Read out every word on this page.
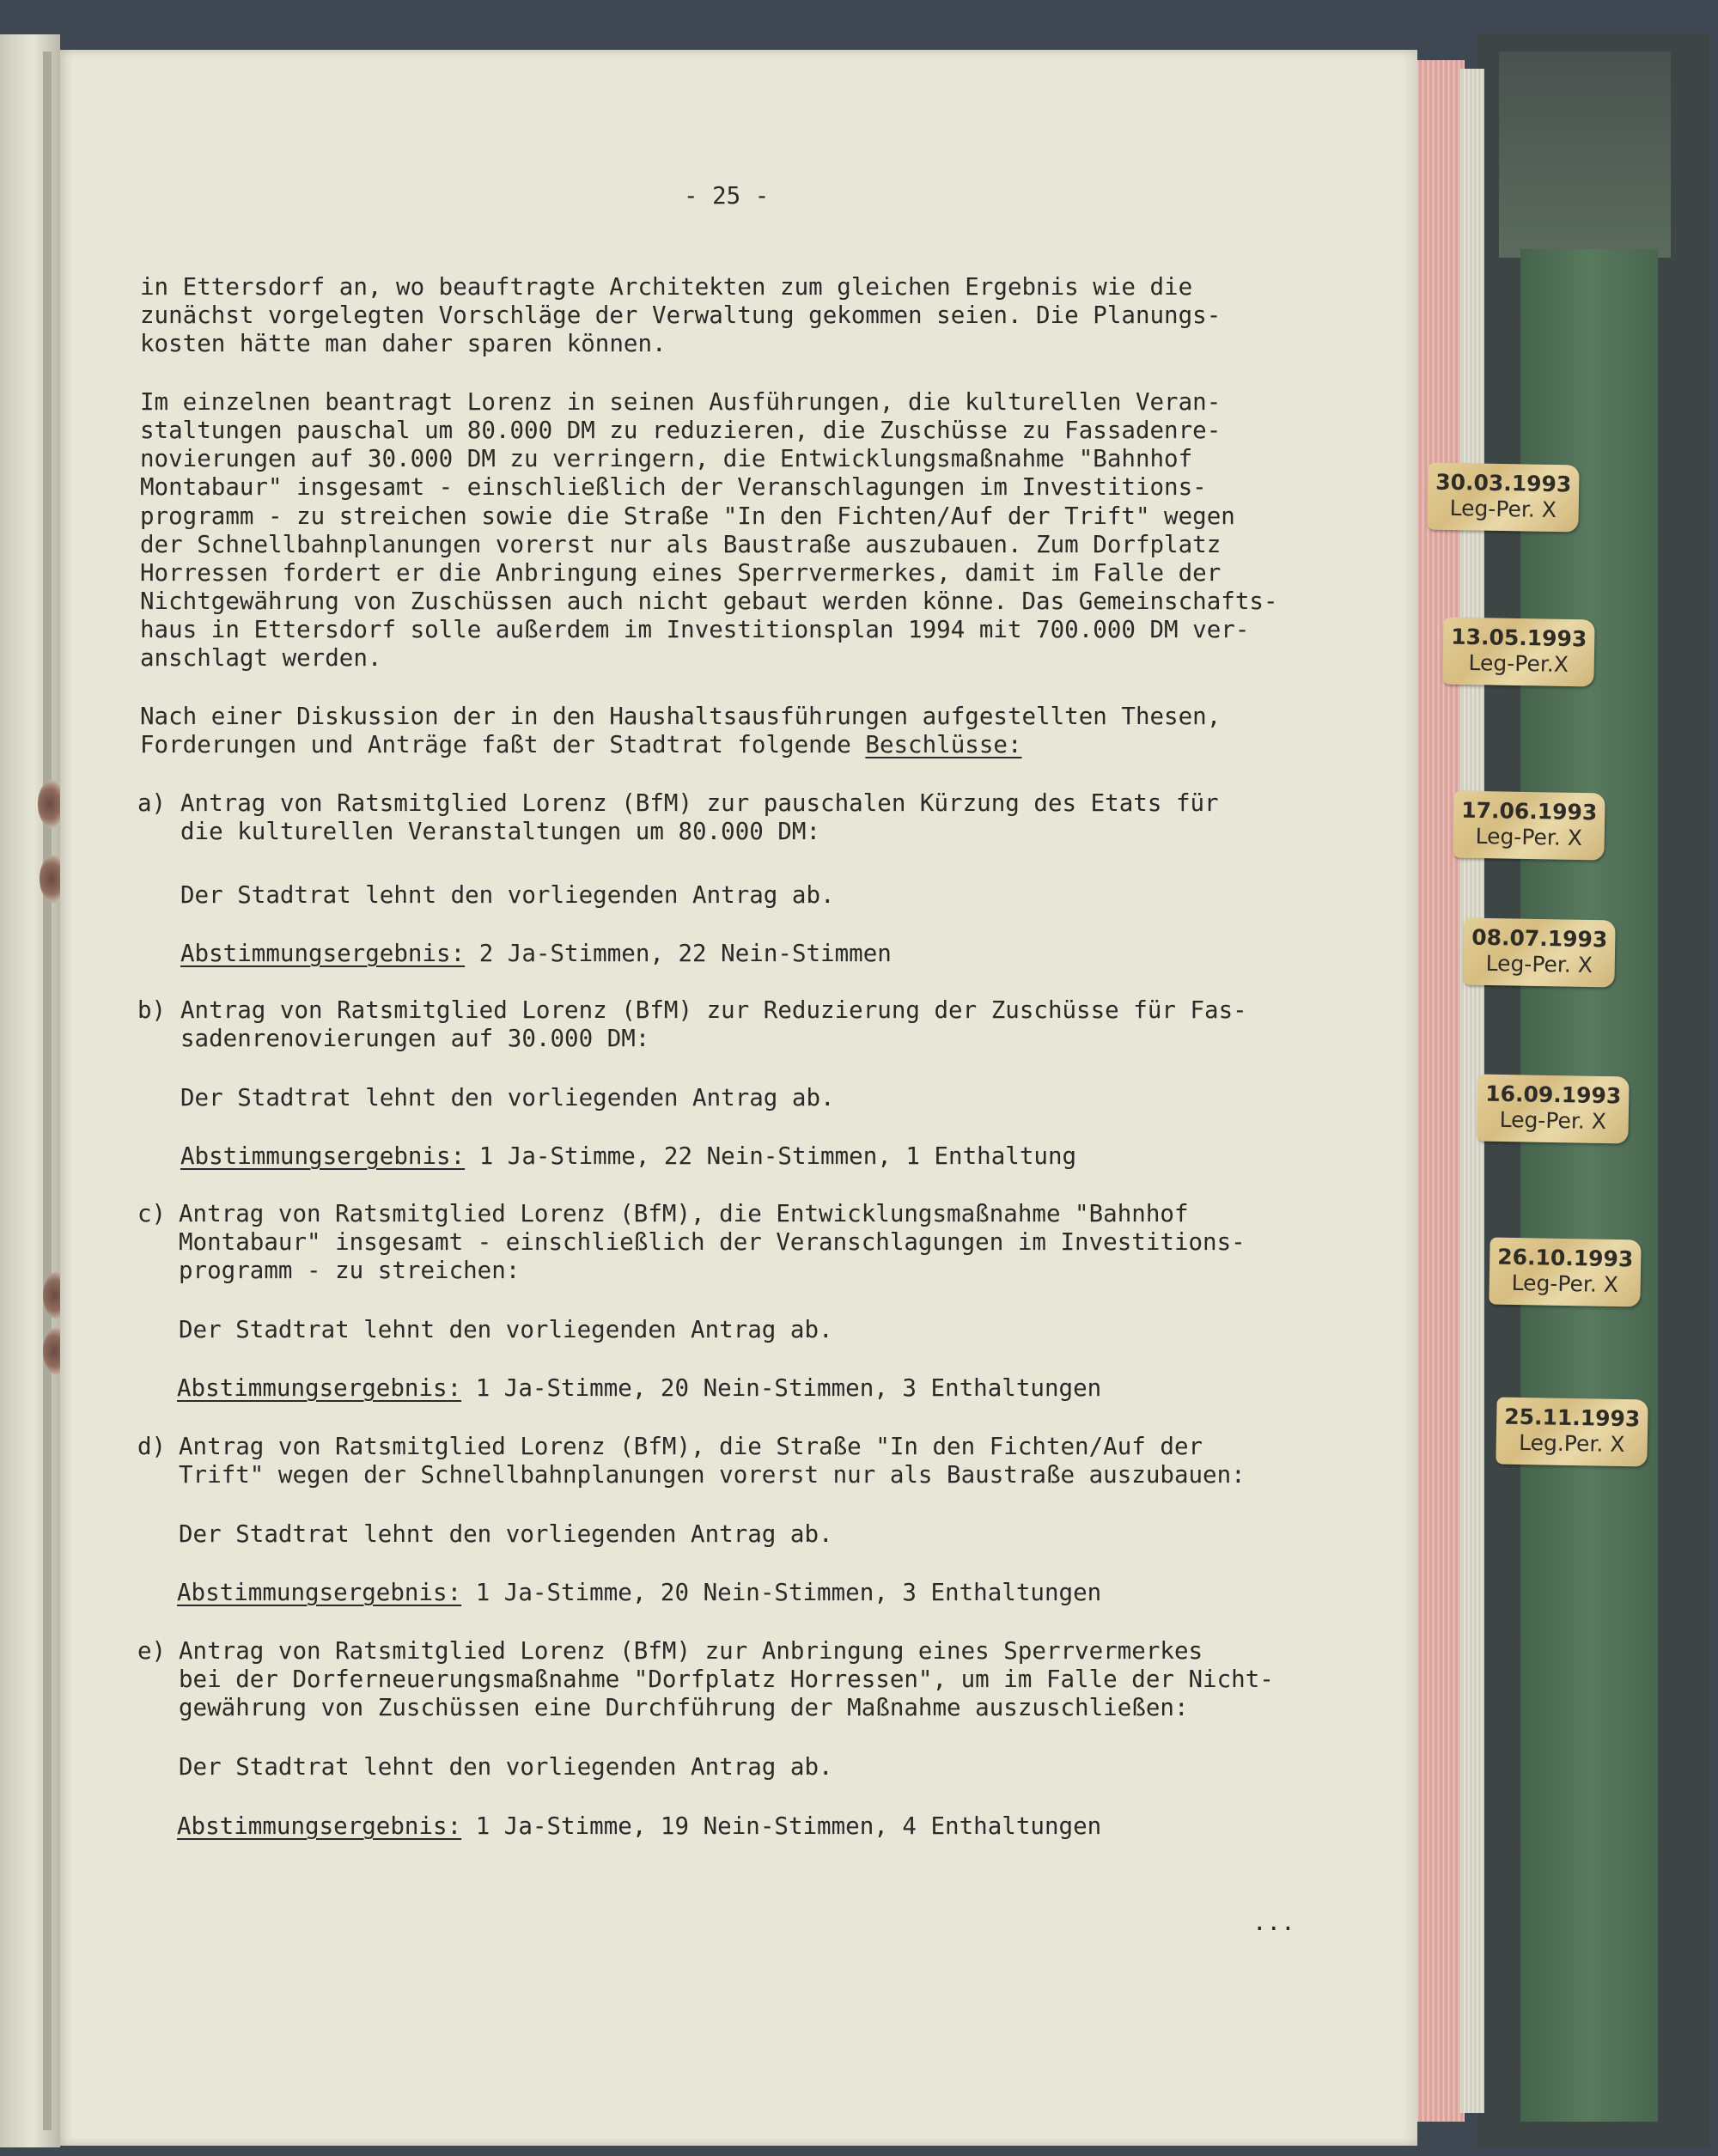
- 25 -

in Ettersdorf an, wo beauftragte Architekten zum gleichen Ergebnis wie die

zunächst vorgelegten Vorschläge der Verwaltung gekommen seien. Die Planungs-

kosten hätte man daher sparen können.

Im einzelnen beantragt Lorenz in seinen Ausführungen, die kulturellen Veran-

staltungen pauschal um 80.000 DM zu reduzieren, die Zuschüsse zu Fassadenre-

novierungen auf 30.000 DM zu verringern, die Entwicklungsmaßnahme "Bahnhof

Montabaur" insgesamt - einschließlich der Veranschlagungen im Investitions-

programm - zu streichen sowie die Straße "In den Fichten/Auf der Trift" wegen

der Schnellbahnplanungen vorerst nur als Baustraße auszubauen. Zum Dorfplatz

Horressen fordert er die Anbringung eines Sperrvermerkes, damit im Falle der

Nichtgewährung von Zuschüssen auch nicht gebaut werden könne. Das Gemeinschafts-

haus in Ettersdorf solle außerdem im Investitionsplan 1994 mit 700.000 DM ver-

anschlagt werden.

Nach einer Diskussion der in den Haushaltsausführungen aufgestellten Thesen,

Forderungen und Anträge faßt der Stadtrat folgende Beschlüsse:

a) Antrag von Ratsmitglied Lorenz (BfM) zur pauschalen Kürzung des Etats für

die kulturellen Veranstaltungen um 80.000 DM:

Der Stadtrat lehnt den vorliegenden Antrag ab.

Abstimmungsergebnis: 2 Ja-Stimmen, 22 Nein-Stimmen

b) Antrag von Ratsmitglied Lorenz (BfM) zur Reduzierung der Zuschüsse für Fas-

sadenrenovierungen auf 30.000 DM:

Der Stadtrat lehnt den vorliegenden Antrag ab.

Abstimmungsergebnis: 1 Ja-Stimme, 22 Nein-Stimmen, 1 Enthaltung

c) Antrag von Ratsmitglied Lorenz (BfM), die Entwicklungsmaßnahme "Bahnhof

Montabaur" insgesamt - einschließlich der Veranschlagungen im Investitions-

programm - zu streichen:

Der Stadtrat lehnt den vorliegenden Antrag ab.

Abstimmungsergebnis: 1 Ja-Stimme, 20 Nein-Stimmen, 3 Enthaltungen

d) Antrag von Ratsmitglied Lorenz (BfM), die Straße "In den Fichten/Auf der

Trift" wegen der Schnellbahnplanungen vorerst nur als Baustraße auszubauen:

Der Stadtrat lehnt den vorliegenden Antrag ab.

Abstimmungsergebnis: 1 Ja-Stimme, 20 Nein-Stimmen, 3 Enthaltungen

e) Antrag von Ratsmitglied Lorenz (BfM) zur Anbringung eines Sperrvermerkes

bei der Dorferneuerungsmaßnahme "Dorfplatz Horressen", um im Falle der Nicht-

gewährung von Zuschüssen eine Durchführung der Maßnahme auszuschließen:

Der Stadtrat lehnt den vorliegenden Antrag ab.

Abstimmungsergebnis: 1 Ja-Stimme, 19 Nein-Stimmen, 4 Enthaltungen

...

30.03.1993
Leg-Per. X
13.05.1993
Leg-Per.X
17.06.1993
Leg-Per. X
08.07.1993
Leg-Per. X
16.09.1993
Leg-Per. X
26.10.1993
Leg-Per. X
25.11.1993
Leg.Per. X
